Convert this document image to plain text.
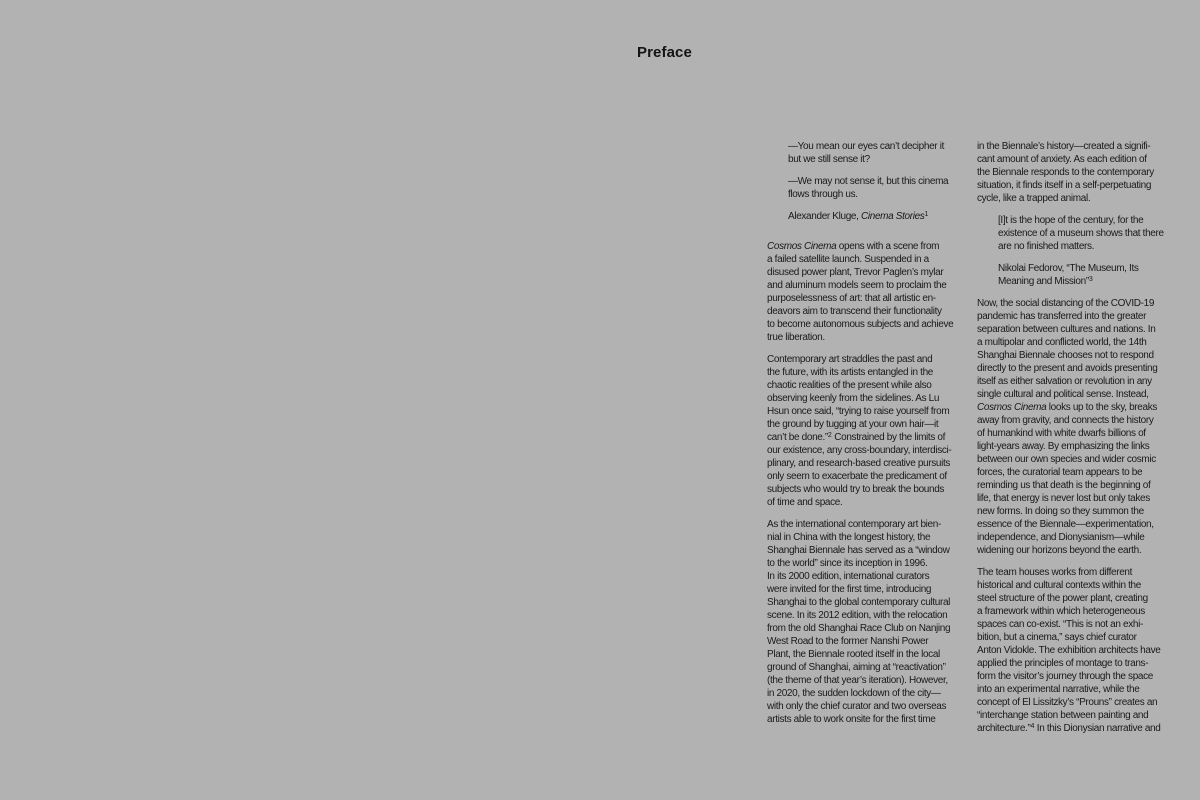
Preface
—You mean our eyes can’t decipher it
but we still sense it?
—We may not sense it, but this cinema
flows through us.
Alexander Kluge, Cinema Stories$^1$
Cosmos Cinema opens with a scene from
a failed satellite launch. Suspended in a
disused power plant, Trevor Paglen’s mylar
and aluminum models seem to proclaim the
purposelessness of art: that all artistic en-
deavors aim to transcend their functionality
to become autonomous subjects and achieve
true liberation.
Contemporary art straddles the past and
the future, with its artists entangled in the
chaotic realities of the present while also
observing keenly from the sidelines. As Lu
Hsun once said, “trying to raise yourself from
the ground by tugging at your own hair—it
can’t be done.”$^2$ Constrained by the limits of
our existence, any cross-boundary, interdisci-
plinary, and research-based creative pursuits
only seem to exacerbate the predicament of
subjects who would try to break the bounds
of time and space.
As the international contemporary art bien-
nial in China with the longest history, the
Shanghai Biennale has served as a “window
to the world” since its inception in 1996.
In its 2000 edition, international curators
were invited for the first time, introducing
Shanghai to the global contemporary cultural
scene. In its 2012 edition, with the relocation
from the old Shanghai Race Club on Nanjing
West Road to the former Nanshi Power
Plant, the Biennale rooted itself in the local
ground of Shanghai, aiming at “reactivation”
(the theme of that year’s iteration). However,
in 2020, the sudden lockdown of the city—
with only the chief curator and two overseas
artists able to work onsite for the first time
in the Biennale’s history—created a signifi-
cant amount of anxiety. As each edition of
the Biennale responds to the contemporary
situation, it finds itself in a self-perpetuating
cycle, like a trapped animal.
[I]t is the hope of the century, for the
existence of a museum shows that there
are no finished matters.
Nikolai Fedorov, “The Museum, Its
Meaning and Mission”$^3$
Now, the social distancing of the COVID-19
pandemic has transferred into the greater
separation between cultures and nations. In
a multipolar and conflicted world, the 14th
Shanghai Biennale chooses not to respond
directly to the present and avoids presenting
itself as either salvation or revolution in any
single cultural and political sense. Instead,
Cosmos Cinema looks up to the sky, breaks
away from gravity, and connects the history
of humankind with white dwarfs billions of
light-years away. By emphasizing the links
between our own species and wider cosmic
forces, the curatorial team appears to be
reminding us that death is the beginning of
life, that energy is never lost but only takes
new forms. In doing so they summon the
essence of the Biennale—experimentation,
independence, and Dionysianism—while
widening our horizons beyond the earth.
The team houses works from different
historical and cultural contexts within the
steel structure of the power plant, creating
a framework within which heterogeneous
spaces can co-exist. “This is not an exhi-
bition, but a cinema,” says chief curator
Anton Vidokle. The exhibition architects have
applied the principles of montage to trans-
form the visitor’s journey through the space
into an experimental narrative, while the
concept of El Lissitzky’s “Prouns” creates an
“interchange station between painting and
architecture.”$^4$ In this Dionysian narrative and
